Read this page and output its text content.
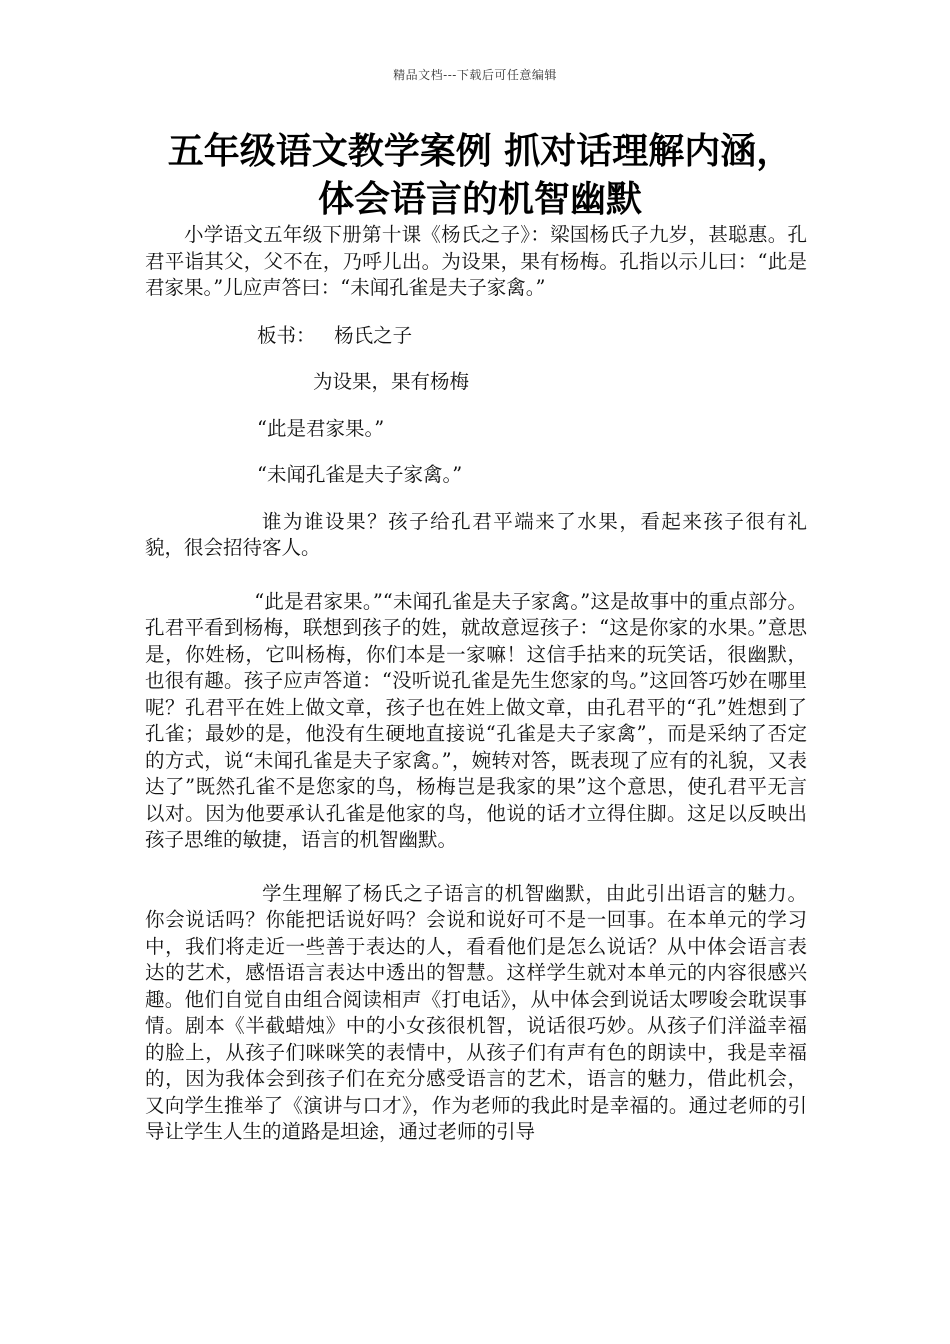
精品文档---下载后可任意编辑
五年级语文教学案例 抓对话理解内涵，
体会语言的机智幽默

小学语文五年级下册第十课《杨氏之子》：梁国杨氏子九岁，甚聪惠。孔君平诣其父，父不在，乃呼儿出。为设果，果有杨梅。孔指以示儿曰：“此是君家果。”儿应声答曰：“未闻孔雀是夫子家禽。”

板书：   杨氏之子

为设果，果有杨梅

“此是君家果。”

“未闻孔雀是夫子家禽。”

谁为谁设果？孩子给孔君平端来了水果，看起来孩子很有礼貌，很会招待客人。

“此是君家果。”“未闻孔雀是夫子家禽。”这是故事中的重点部分。孔君平看到杨梅，联想到孩子的姓，就故意逗孩子：“这是你家的水果。”意思是，你姓杨，它叫杨梅，你们本是一家嘛！这信手拈来的玩笑话，很幽默，也很有趣。孩子应声答道：“没听说孔雀是先生您家的鸟。”这回答巧妙在哪里呢？孔君平在姓上做文章，孩子也在姓上做文章，由孔君平的“孔”姓想到了孔雀；最妙的是，他没有生硬地直接说“孔雀是夫子家禽”，而是采纳了否定的方式，说“未闻孔雀是夫子家禽。”，婉转对答，既表现了应有的礼貌，又表达了”既然孔雀不是您家的鸟，杨梅岂是我家的果”这个意思，使孔君平无言以对。因为他要承认孔雀是他家的鸟，他说的话才立得住脚。这足以反映出孩子思维的敏捷，语言的机智幽默。

学生理解了杨氏之子语言的机智幽默，由此引出语言的魅力。你会说话吗？你能把话说好吗？会说和说好可不是一回事。在本单元的学习中，我们将走近一些善于表达的人，看看他们是怎么说话？从中体会语言表达的艺术，感悟语言表达中透出的智慧。这样学生就对本单元的内容很感兴趣。他们自觉自由组合阅读相声《打电话》，从中体会到说话太啰唆会耽误事情。剧本《半截蜡烛》中的小女孩很机智，说话很巧妙。从孩子们洋溢幸福的脸上，从孩子们咪咪笑的表情中，从孩子们有声有色的朗读中，我是幸福的，因为我体会到孩子们在充分感受语言的艺术，语言的魅力，借此机会，又向学生推举了《演讲与口才》，作为老师的我此时是幸福的。通过老师的引导让学生人生的道路是坦途，通过老师的引导
